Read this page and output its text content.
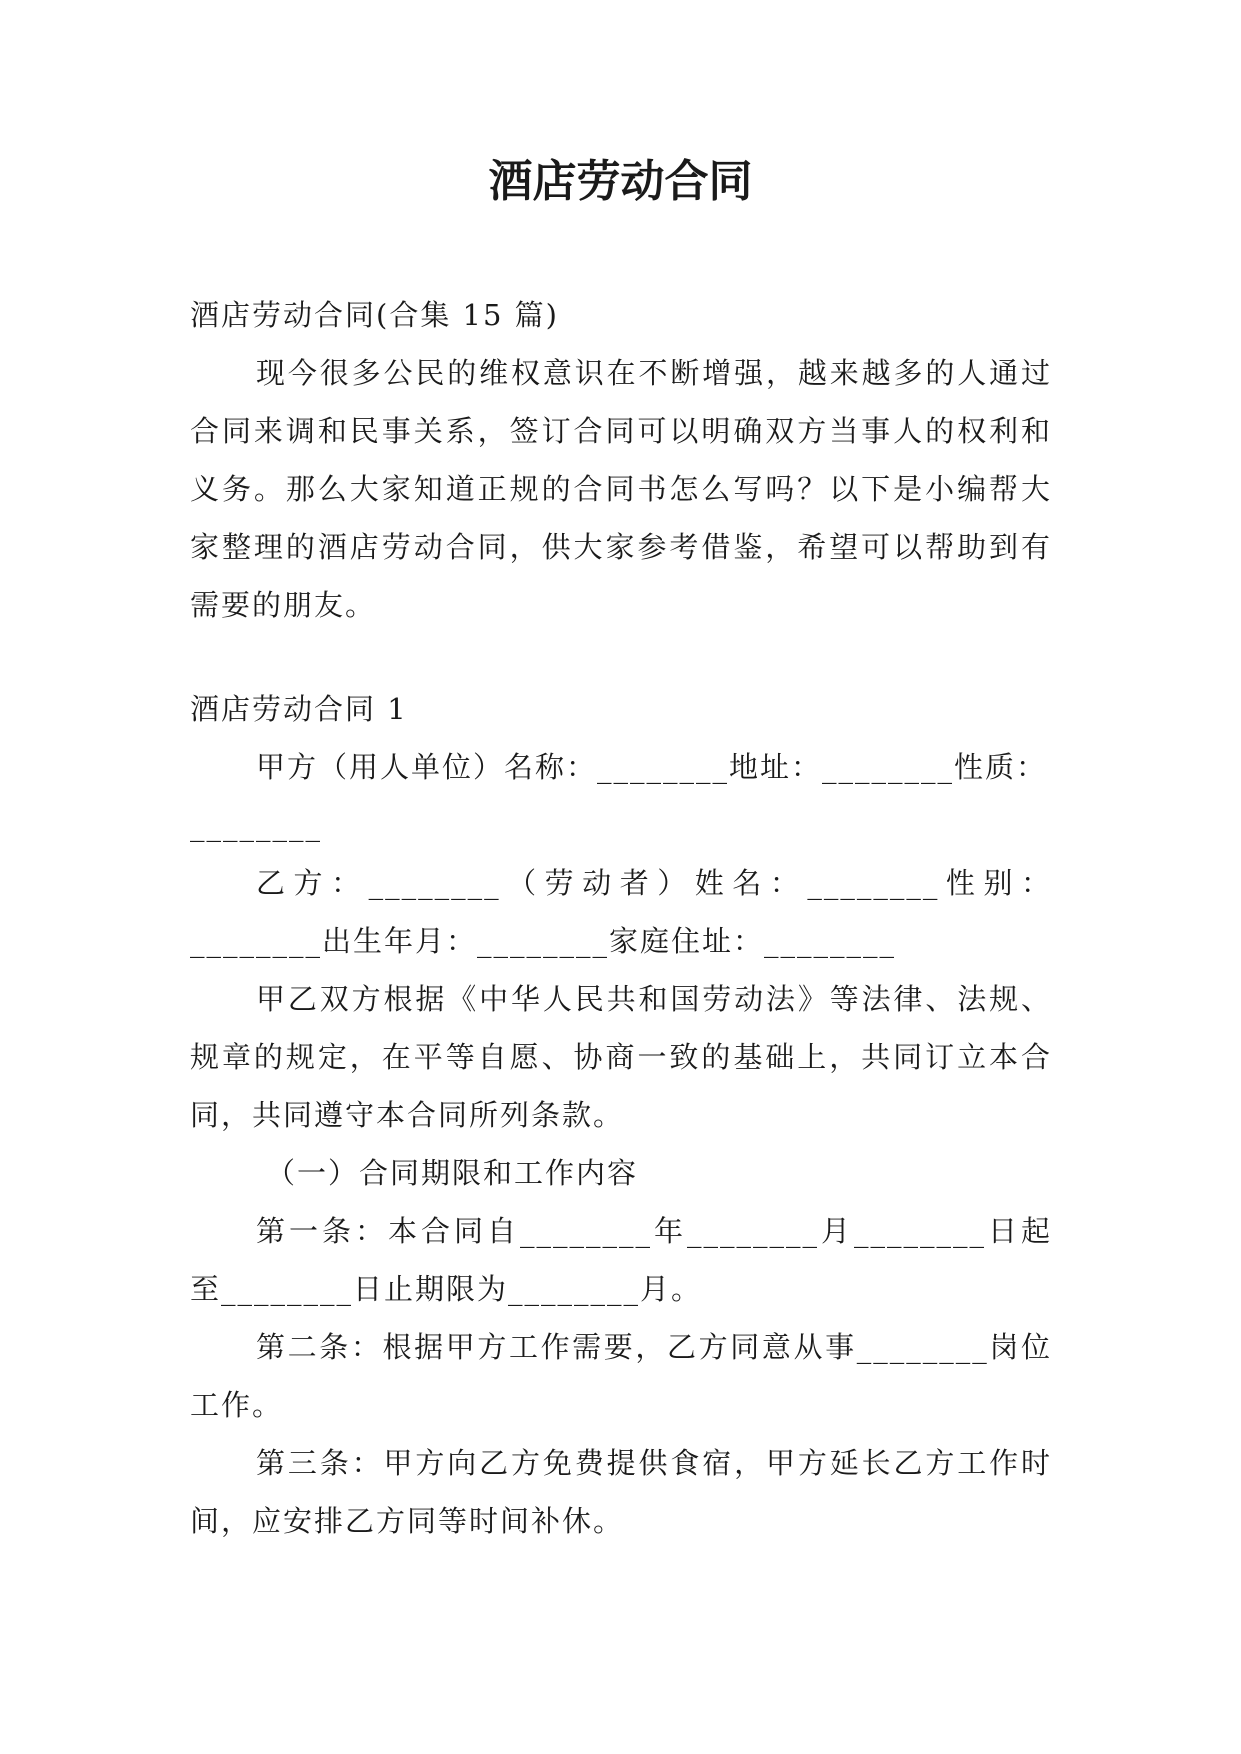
酒店劳动合同

酒店劳动合同(合集 15 篇)

现今很多公民的维权意识在不断增强，越来越多的人通过合同来调和民事关系，签订合同可以明确双方当事人的权利和义务。那么大家知道正规的合同书怎么写吗？以下是小编帮大家整理的酒店劳动合同，供大家参考借鉴，希望可以帮助到有需要的朋友。

酒店劳动合同 1

甲方（用人单位）名称：________地址：________性质：

________

乙方：________（劳动者）姓名：________性别：________出生年月：________家庭住址：________

甲乙双方根据《中华人民共和国劳动法》等法律、法规、规章的规定，在平等自愿、协商一致的基础上，共同订立本合同，共同遵守本合同所列条款。

（一）合同期限和工作内容

第一条：本合同自________年________月________日起至________日止期限为________月。

第二条：根据甲方工作需要，乙方同意从事________岗位工作。

第三条：甲方向乙方免费提供食宿，甲方延长乙方工作时间，应安排乙方同等时间补休。
